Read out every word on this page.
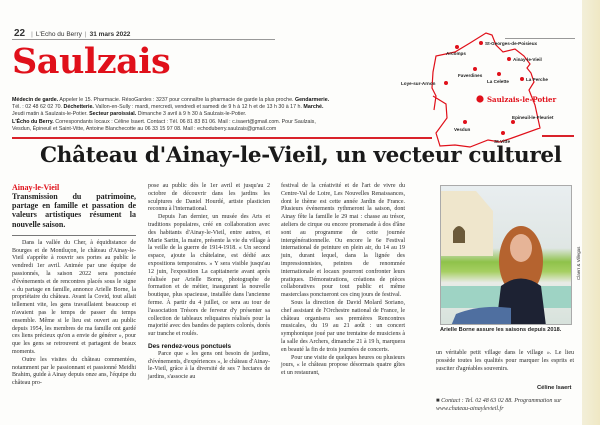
22 | L'Echo du Berry | 31 mars 2022
Saulzais
Médecin de garde. Appeler le 15. Pharmacie. RésoGardes : 3237 pour connaître la pharmacie de garde la plus proche. Gendarmerie. Tél. : 02 48 62 02 70. Déchetterie. Vallon-en-Sully : mardi, mercredi, vendredi et samedi de 9 h à 12 h et de 13 h 30 à 17 h. Marché. Jeudi matin à Saulzais-le-Potier. Secteur paroissial. Dimanche 3 avril à 9 h 30 à Saulzais-le-Potier.
L'Écho du Berry. Correspondants locaux : Céline Isaert. Contact : Tél. 06 81 83 81 06. Mail : c.isaert@gmail.com. Pour Saulzais, Vesdun, Épineuil et Saint-Vitte, Antoine Blanchecotte au 06 33 15 97 08. Mail : echoduberry.saulzais@gmail.com
St-Georges-de-Poisieux
Arcomps
Ainay-le-Vieil
Faverdines
La Celette	La Perche
Loye-sur-Arnon
Saulzais-le-Potier
Epineuil-le-Fleuriet
Vesdun
St-Vitte
Château d'Ainay-le-Vieil, un vecteur culturel
Ainay-le-Vieil
Transmission du patrimoine, partage en famille et passation de valeurs artistiques résument la nouvelle saison.

Dans la vallée du Cher, à équidistance de Bourges et de Montluçon, le château d'Ainay-le-Vieil s'apprête à rouvrir ses portes au public le vendredi 1er avril. Animée par une équipe de passionnés, la saison 2022 sera ponctuée d'événements et de rencontres placés sous le signe « du partage en famille, annonce Arielle Borne, la propriétaire du château. Avant la Covid, tout allait tellement vite, les gens travaillaient beaucoup et n'avaient pas le temps de passer du temps ensemble. Même si le lieu est ouvert au public depuis 1954, les membres de ma famille ont gardé ces liens précieux qu'on a envie de générer », pour que les gens se retrouvent et partagent de beaux moments.

Outre les visites du château commentées, notamment par le passionnant et passionné Meidhi Brahim, guide à Ainay depuis onze ans, l'équipe du château pro-

pose au public dès le 1er avril et jusqu'au 2 octobre de découvrir dans les jardins les sculptures de Daniel Hourdé, artiste plasticien reconnu à l'international.

Depuis l'an dernier, un musée des Arts et traditions populaires, créé en collaboration avec des habitants d'Ainay-le-Vieil, entre autres, et Marie Sartin, la maire, présente la vie du village à la veille de la guerre de 1914-1918. « Un second espace, ajoute la châtelaine, est dédié aux expositions temporaires. » Y sera visible jusqu'au 12 juin, l'exposition La capitainerie avant après réalisée par Arielle Borne, photographe de formation et de métier, inaugurant la nouvelle boutique, plus spacieuse, installée dans l'ancienne ferme. À partir du 4 juillet, ce sera au tour de l'association Trésors de ferveur d'y présenter sa collection de tableaux reliquaires réalisés pour la majorité avec des bandes de papiers colorés, dorés sur tranche et roulés.

Des rendez-vous ponctuels

Parce que « les gens ont besoin de jardins, d'événements, d'expériences », le château d'Ainay-le-Vieil, grâce à la diversité de ses 7 hectares de jardins, s'associe au

festival de la créativité et de l'art de vivre du Centre-Val de Loire, Les Nouvelles Renaissances, dont le thème est cette année Jardin de France. Plusieurs événements rythmeront la saison, dont Ainay fête la famille le 29 mai : chasse au trésor, ateliers de cirque ou encore promenade à dos d'âne sont au programme de cette journée intergénérationnelle. Ou encore le 6e Festival international de peinture en plein air, du 14 au 19 juin, durant lequel, dans la lignée des impressionnistes, peintres de renommée internationale et locaux pourront confronter leurs pratiques. Démonstrations, créations de pièces collaboratives pour tout public et même masterclass ponctueront ces cinq jours de festival.

Sous la direction de David Molard Soriano, chef assistant de l'Orchestre national de France, le château organisera ses premières Rencontres musicales, du 19 au 21 août : un concert symphonique joué par une trentaine de musiciens à la salle des Archers, dimanche 21 à 19 h, marquera en beauté la fin de trois journées de concerts.

Pour une visite de quelques heures ou plusieurs jours, « le château propose désormais quatre gîtes et un restaurant,

Claerr & Villegas
Arielle Borne assure les saisons depuis 2018.

un véritable petit village dans le village ». Le lieu possède toutes les qualités pour marquer les esprits et susciter d'agréables souvenirs.

Céline Isaert
■ Contact : Tel. 02 48 63 02 88. Programmation sur www.chateau-ainaylevieil.fr
